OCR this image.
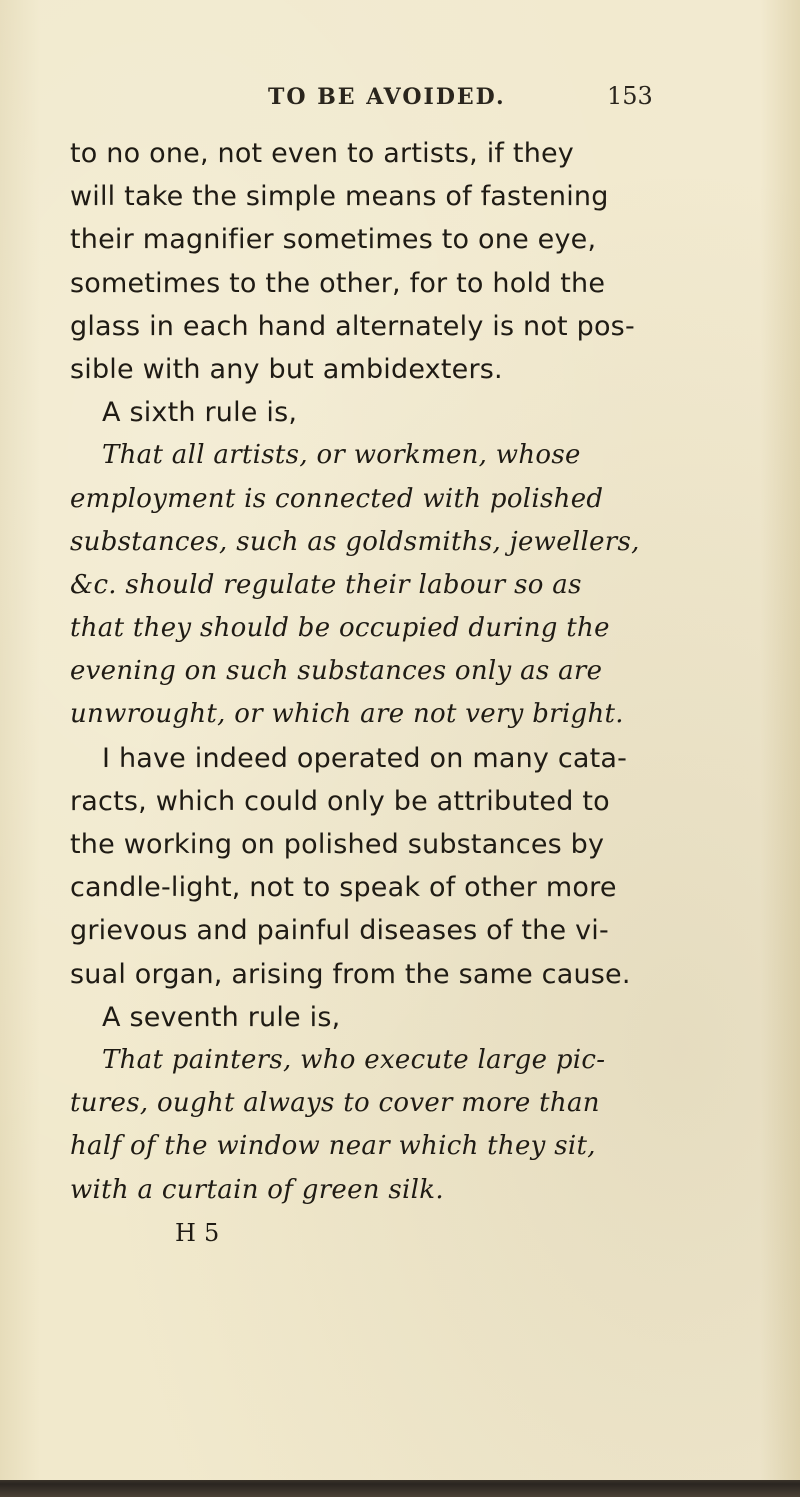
TO BE AVOIDED.	153
to no one, not even to artists, if they
will take the simple means of fastening
their magnifier sometimes to one eye,
sometimes to the other, for to hold the
glass in each hand alternately is not pos-
sible with any but ambidexters.
A sixth rule is,
That all artists, or workmen, whose
employment is connected with polished
substances, such as goldsmiths, jewellers,
&c. should regulate their labour so as
that they should be occupied during the
evening on such substances only as are
unwrought, or which are not very bright.
I have indeed operated on many cata-
racts, which could only be attributed to
the working on polished substances by
candle-light, not to speak of other more
grievous and painful diseases of the vi-
sual organ, arising from the same cause.
A seventh rule is,
That painters, who execute large pic-
tures, ought always to cover more than
half of the window near which they sit,
with a curtain of green silk.
H 5
